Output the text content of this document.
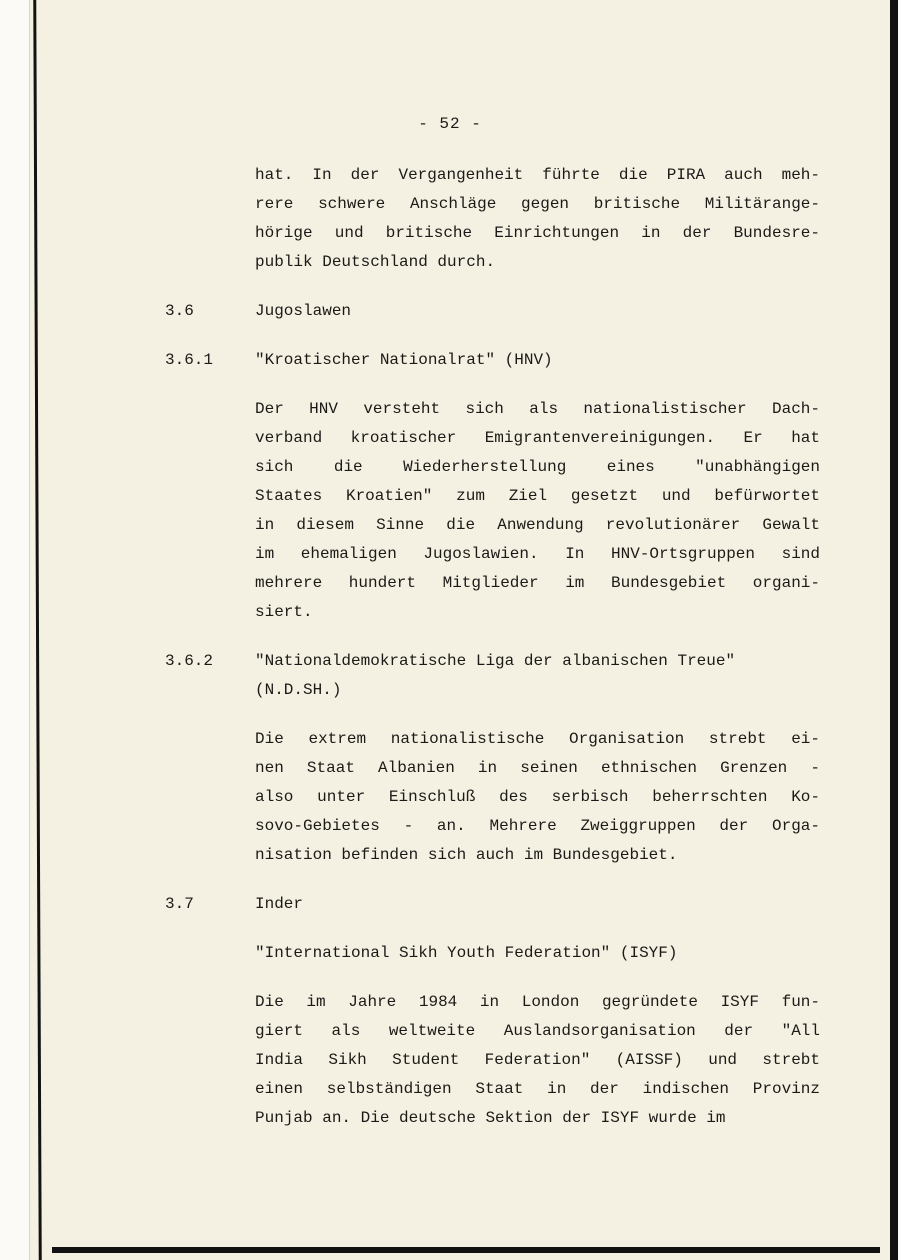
- 52 -
hat. In der Vergangenheit führte die PIRA auch meh-
rere schwere Anschläge gegen britische Militärange-
hörige und britische Einrichtungen in der Bundesre-
publik Deutschland durch.
3.6	Jugoslawen
3.6.1	"Kroatischer Nationalrat" (HNV)
Der HNV versteht sich als nationalistischer Dach-
verband kroatischer Emigrantenvereinigungen. Er hat
sich die Wiederherstellung eines "unabhängigen
Staates Kroatien" zum Ziel gesetzt und befürwortet
in diesem Sinne die Anwendung revolutionärer Gewalt
im ehemaligen Jugoslawien. In HNV-Ortsgruppen sind
mehrere hundert Mitglieder im Bundesgebiet organi-
siert.
3.6.2	"Nationaldemokratische Liga der albanischen Treue"
(N.D.SH.)
Die extrem nationalistische Organisation strebt ei-
nen Staat Albanien in seinen ethnischen Grenzen -
also unter Einschluß des serbisch beherrschten Ko-
sovo-Gebietes - an. Mehrere Zweiggruppen der Orga-
nisation befinden sich auch im Bundesgebiet.
3.7	Inder
"International Sikh Youth Federation" (ISYF)
Die im Jahre 1984 in London gegründete ISYF fun-
giert als weltweite Auslandsorganisation der "All
India Sikh Student Federation" (AISSF) und strebt
einen selbständigen Staat in der indischen Provinz
Punjab an. Die deutsche Sektion der ISYF wurde im
